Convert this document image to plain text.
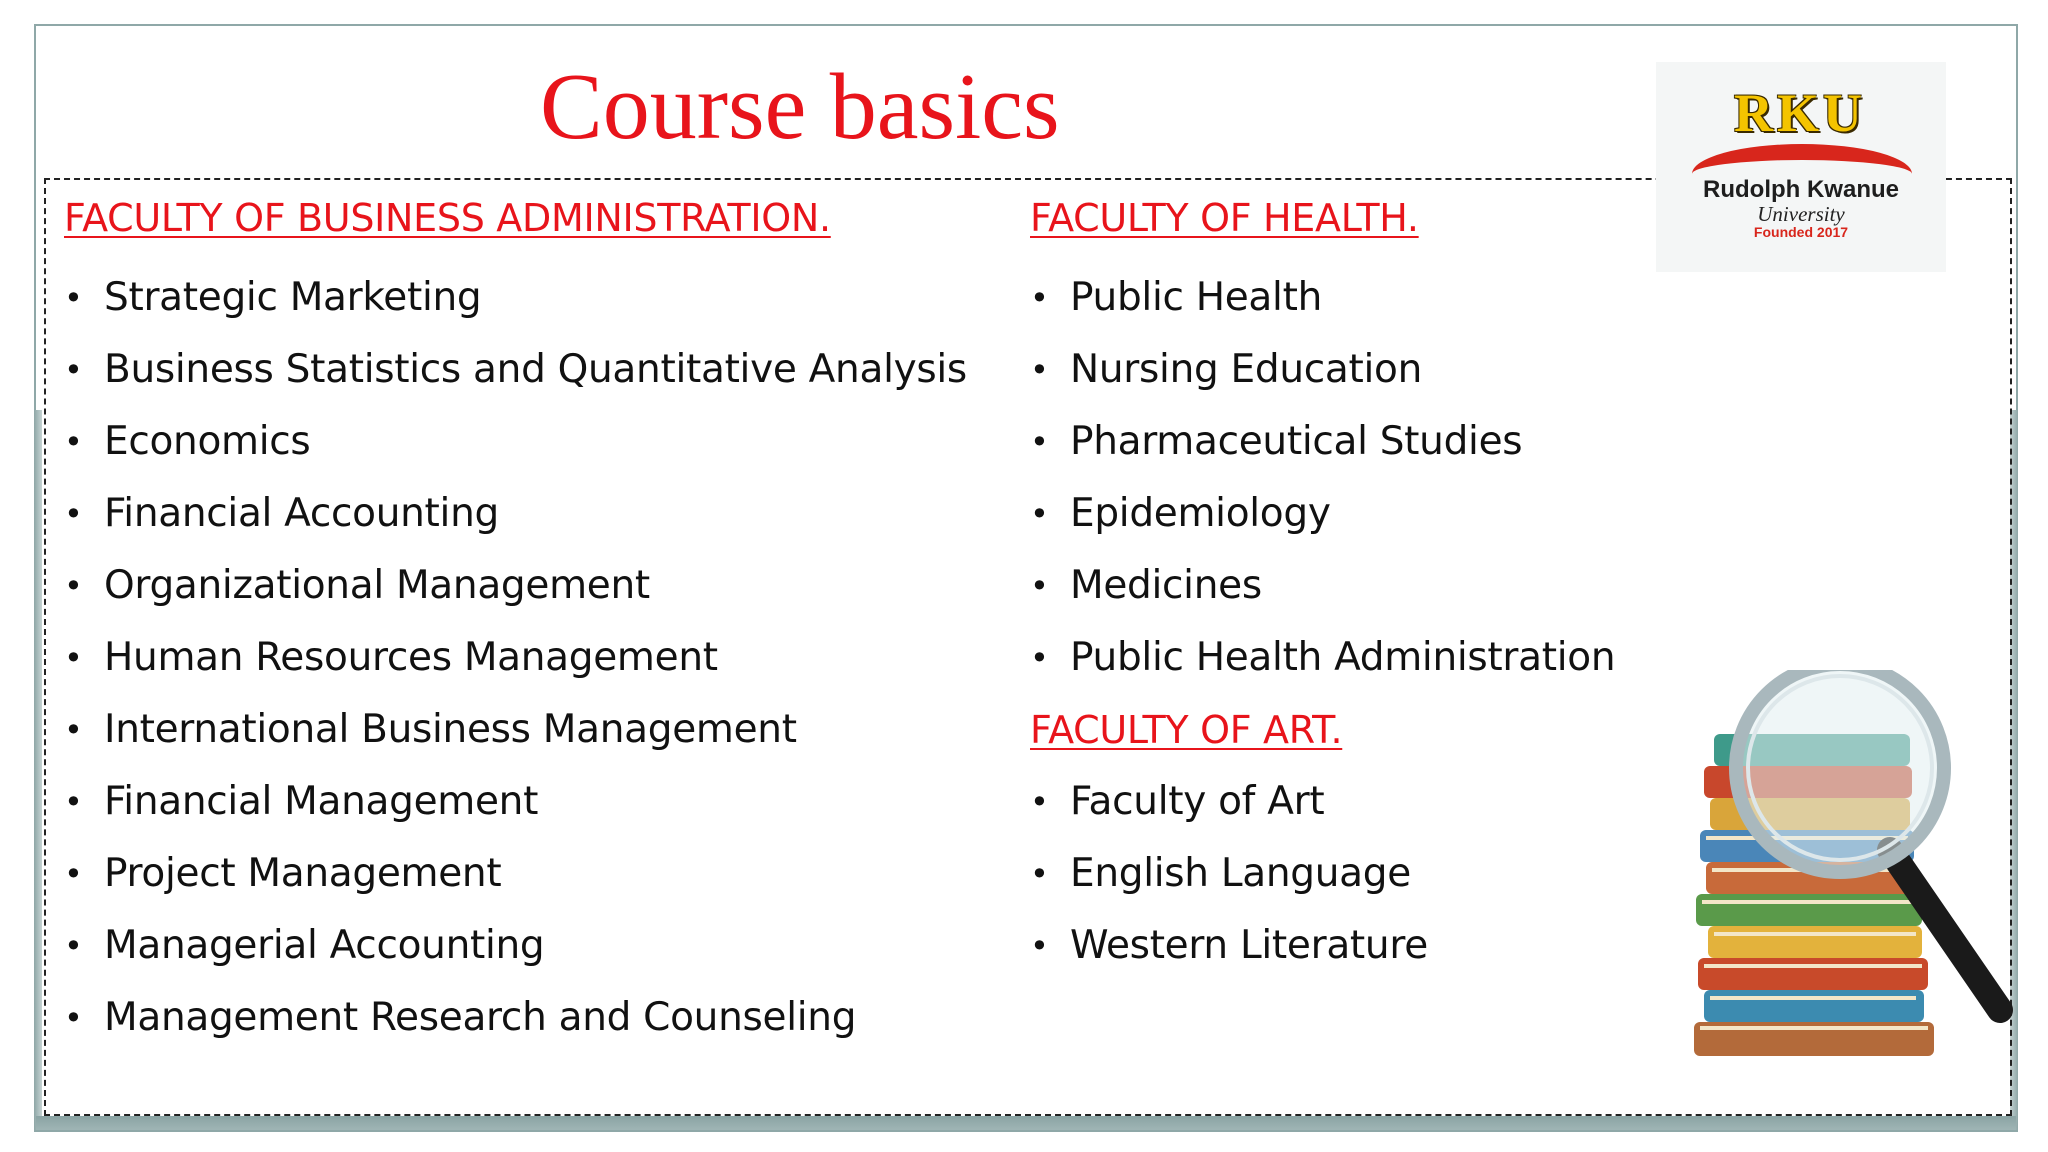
Course basics	RKU
Rudolph Kwanue
University
Founded 2017
FACULTY OF BUSINESS ADMINISTRATION.
• Strategic Marketing
• Business Statistics and Quantitative Analysis
• Economics
• Financial Accounting
• Organizational Management
• Human Resources Management
• International Business Management
• Financial Management
• Project Management
• Managerial Accounting
• Management Research and Counseling
FACULTY OF HEALTH.
• Public Health
• Nursing Education
• Pharmaceutical Studies
• Epidemiology
• Medicines
• Public Health Administration
FACULTY OF ART.
• Faculty of Art
• English Language
• Western Literature
